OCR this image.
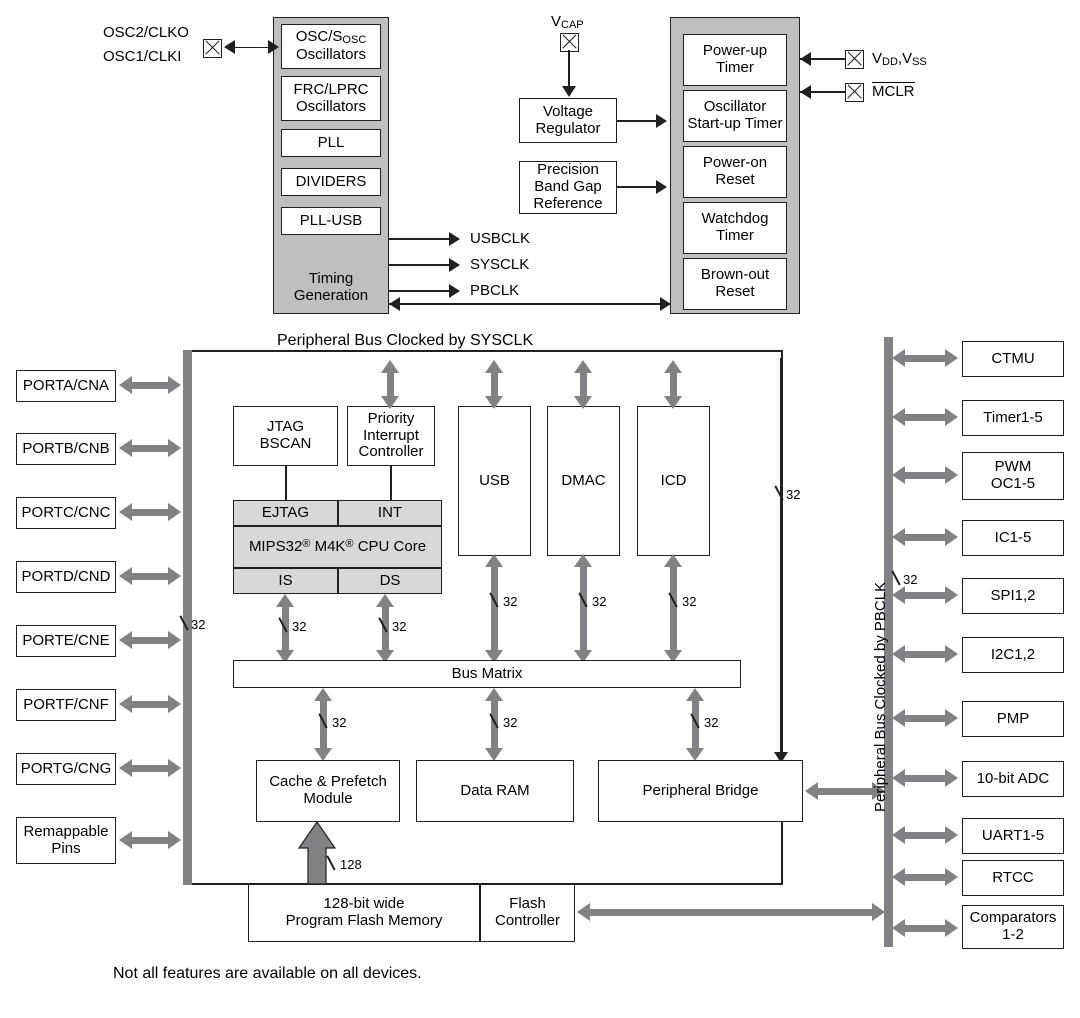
OSC/SOSC
Oscillators
FRC/LPRC
Oscillators
PLL
DIVIDERS
PLL-USB
Timing
Generation
OSC2/CLKO
OSC1/CLKI
USBCLK
SYSCLK
PBCLK
VCAP
Voltage
Regulator
Precision
Band Gap
Reference
Power-up
Timer
Oscillator
Start-up Timer
Power-on
Reset
Watchdog
Timer
Brown-out
Reset
VDD,VSS
MCLR
Peripheral Bus Clocked by SYSCLK
PORTA/CNA
PORTB/CNB
PORTC/CNC
PORTD/CND
PORTE/CNE
PORTF/CNF
PORTG/CNG
Remappable
Pins
32
JTAG
BSCAN
Priority
Interrupt
Controller
EJTAG	INT
MIPS32® M4K® CPU Core
IS	DS
USB	DMAC	ICD
32
32	32
32	32	32
Bus Matrix
32	32	32
Cache & Prefetch
Module	Data RAM	Peripheral Bridge
128
128-bit wide
Program Flash Memory
Flash
Controller
Peripheral Bus Clocked by PBCLK
32
CTMU
Timer1-5
PWM
OC1-5
IC1-5
SPI1,2
I2C1,2
PMP
10-bit ADC
UART1-5
RTCC
Comparators
1-2
Not all features are available on all devices.
